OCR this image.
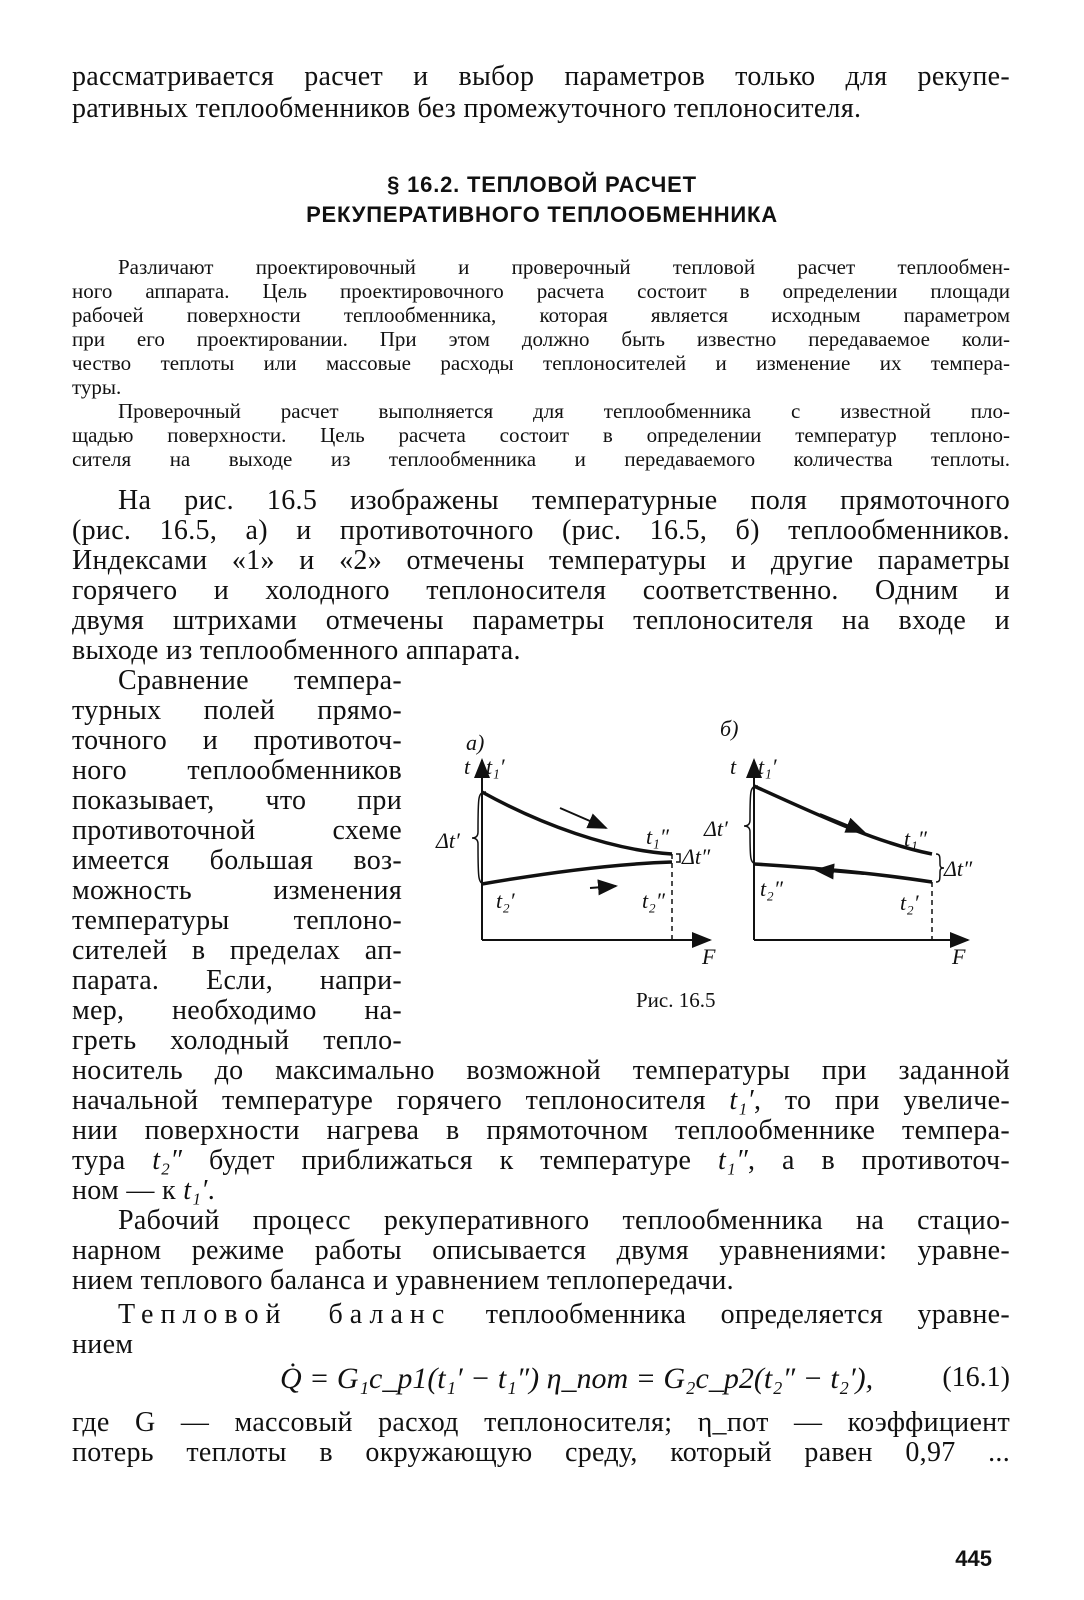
рассматривается расчет и выбор параметров только для рекупе-
ративных теплообменников без промежуточного теплоносителя.
§ 16.2. ТЕПЛОВОЙ РАСЧЕТ
РЕКУПЕРАТИВНОГО ТЕПЛООБМЕННИКА
Различают проектировочный и проверочный тепловой расчет теплообмен-
ного аппарата. Цель проектировочного расчета состоит в определении площади
рабочей поверхности теплообменника, которая является исходным параметром
при его проектировании. При этом должно быть известно передаваемое коли-
чество теплоты или массовые расходы теплоносителей и изменение их темпера-
туры.
Проверочный расчет выполняется для теплообменника с известной пло-
щадью поверхности. Цель расчета состоит в определении температур теплоно-
сителя на выходе из теплообменника и передаваемого количества теплоты.
На рис. 16.5 изображены температурные поля прямоточного
(рис. 16.5, а) и противоточного (рис. 16.5, б) теплообменников.
Индексами «1» и «2» отмечены температуры и другие параметры
горячего и холодного теплоносителя соответственно. Одним и
двумя штрихами отмечены параметры теплоносителя на входе и
выходе из теплообменного аппарата.
Сравнение темпера-
турных полей прямо-
точного и противоточ-
ного теплообменников
показывает, что при
противоточной схеме
имеется большая воз-
можность изменения
температуры теплоно-
сителей в пределах ап-
парата. Если, напри-
мер, необходимо на-
греть холодный тепло-
а)
t t₁′
F
Δt′
Δt″
t₁″
t₂′	t₂″
б)
t t₁′
F
Δt′
Δt″
t₁″
t₂″
t₂′
Рис. 16.5
носитель до максимально возможной температуры при заданной
начальной температуре горячего теплоносителя t₁′, то при увеличе-
нии поверхности нагрева в прямоточном теплообменнике темпера-
тура t₂″ будет приближаться к температуре t₁″, а в противоточ-
ном — к t₁′.
Рабочий процесс рекуперативного теплообменника на стацио-
нарном режиме работы описывается двумя уравнениями: уравне-
нием теплового баланса и уравнением теплопередачи.
Тепловой баланс теплообменника определяется уравне-
нием
Q̇ = G₁c_p1(t₁′ − t₁″) η_пот = G₂c_p2(t₂″ − t₂′), (16.1)
где G — массовый расход теплоносителя; η_пот — коэффициент
потерь теплоты в окружающую среду, который равен 0,97 ...
445
